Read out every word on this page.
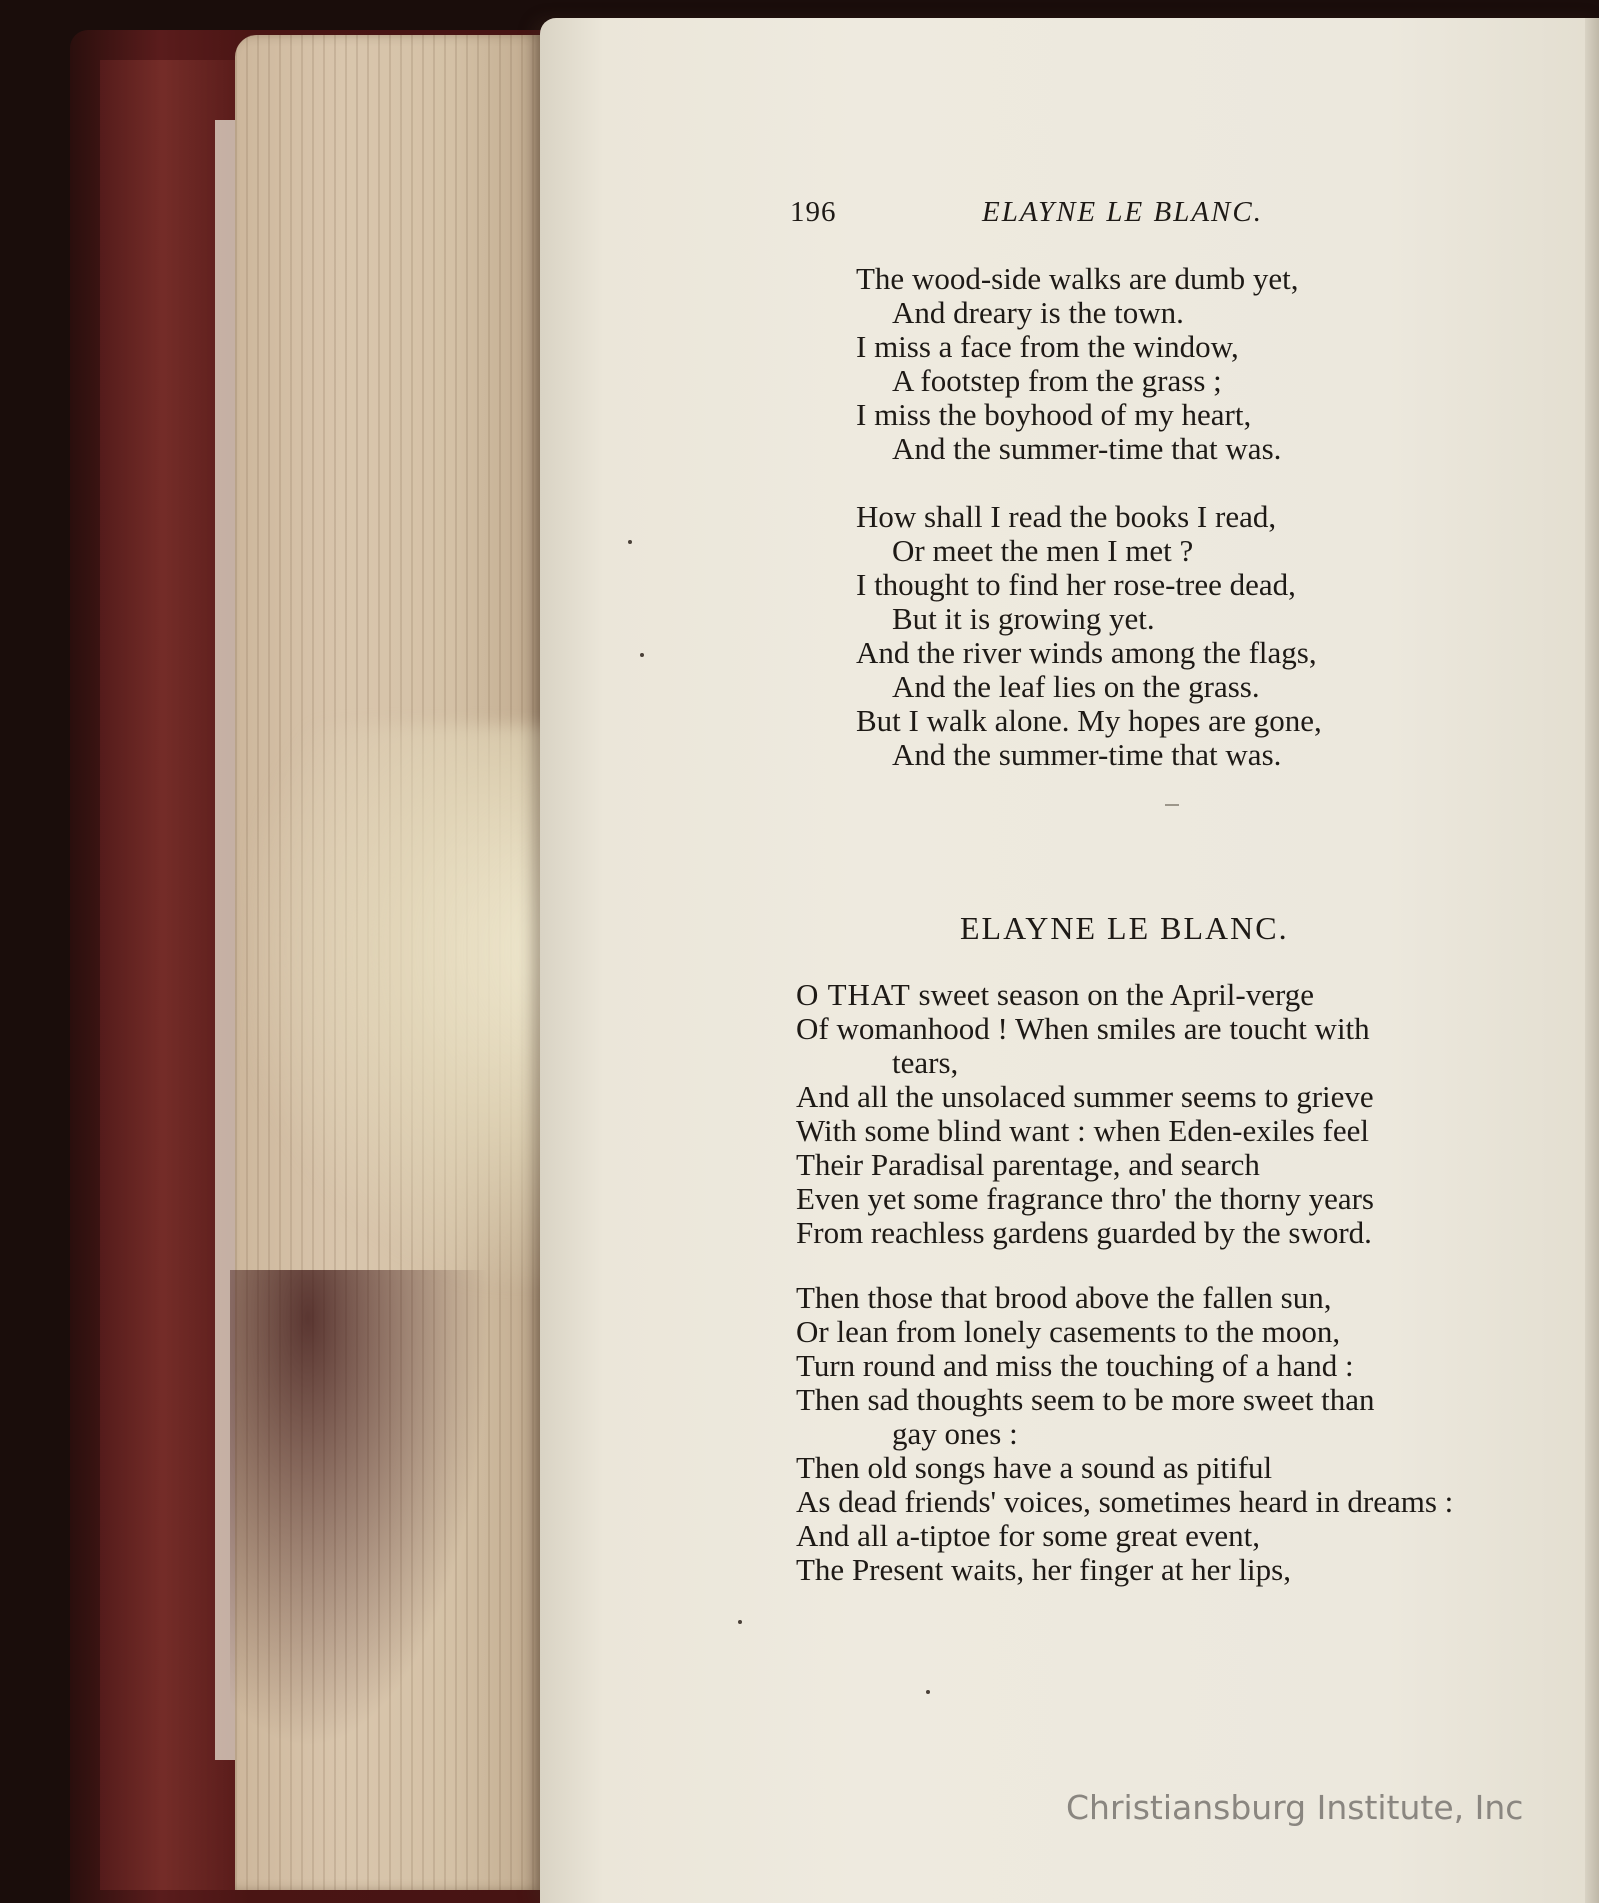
196	ELAYNE LE BLANC.
The wood-side walks are dumb yet,
And dreary is the town.
I miss a face from the window,
A footstep from the grass ;
I miss the boyhood of my heart,
And the summer-time that was.
How shall I read the books I read,
Or meet the men I met ?
I thought to find her rose-tree dead,
But it is growing yet.
And the river winds among the flags,
And the leaf lies on the grass.
But I walk alone. My hopes are gone,
And the summer-time that was.
ELAYNE LE BLANC.
O THAT sweet season on the April-verge
Of womanhood ! When smiles are toucht with
tears,
And all the unsolaced summer seems to grieve
With some blind want : when Eden-exiles feel
Their Paradisal parentage, and search
Even yet some fragrance thro' the thorny years
From reachless gardens guarded by the sword.
Then those that brood above the fallen sun,
Or lean from lonely casements to the moon,
Turn round and miss the touching of a hand :
Then sad thoughts seem to be more sweet than
gay ones :
Then old songs have a sound as pitiful
As dead friends' voices, sometimes heard in dreams :
And all a-tiptoe for some great event,
The Present waits, her finger at her lips,
Christiansburg Institute, Inc
